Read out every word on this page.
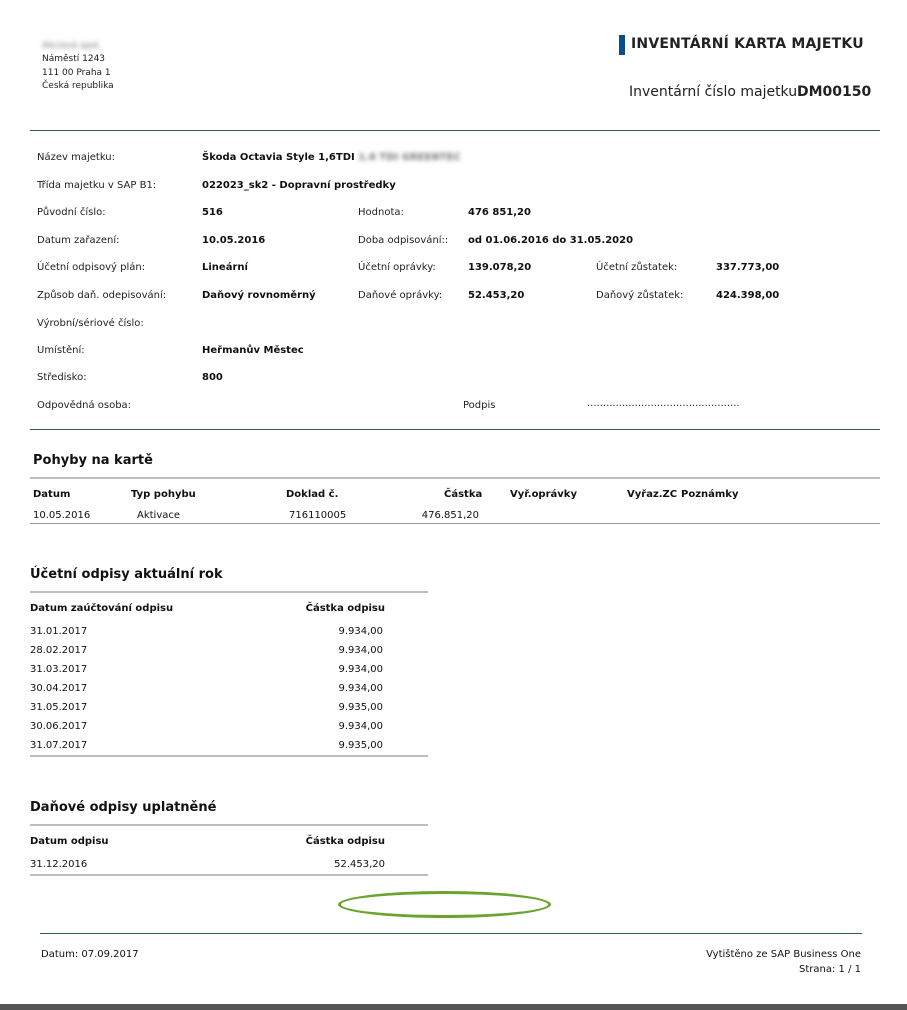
Akciová spol.
Náměstí 1243
111 00 Praha 1
Česká republika
INVENTÁRNÍ KARTA MAJETKU
Inventární číslo majetku:
DM00150
Název majetku:	Škoda Octavia Style 1,6TDI 1.6 TDI GREENTEC
Třída majetku v SAP B1:	022023_sk2 - Dopravní prostředky
Původní číslo:	516	Hodnota:	476 851,20
Datum zařazení:	10.05.2016	Doba odpisování:: od 01.06.2016 do 31.05.2020
Účetní odpisový plán:	Lineární	Účetní oprávky:	139.078,20	Účetní zůstatek:	337.773,00
Způsob daň. odepisování:	Daňový rovnoměrný	Daňové oprávky:	52.453,20	Daňový zůstatek:	424.398,00
Výrobní/sériové číslo:
Umístění:	Heřmanův Městec
Středisko:	800
Odpovědná osoba:	Podpis	................................................
Pohyby na kartě
Datum	Typ pohybu	Doklad č.	Částka	Vyř.oprávky	Vyřaz.ZC Poznámky
10.05.2016	Aktivace	716110005	476.851,20
Účetní odpisy aktuální rok
Datum zaúčtování odpisu	Částka odpisu
31.01.2017	9.934,00
28.02.2017	9.934,00
31.03.2017	9.934,00
30.04.2017	9.934,00
31.05.2017	9.935,00
30.06.2017	9.934,00
31.07.2017	9.935,00
Daňové odpisy uplatněné
Datum odpisu	Částka odpisu
31.12.2016	52.453,20
Datum: 07.09.2017	Vytištěno ze SAP Business One
Strana: 1 / 1
